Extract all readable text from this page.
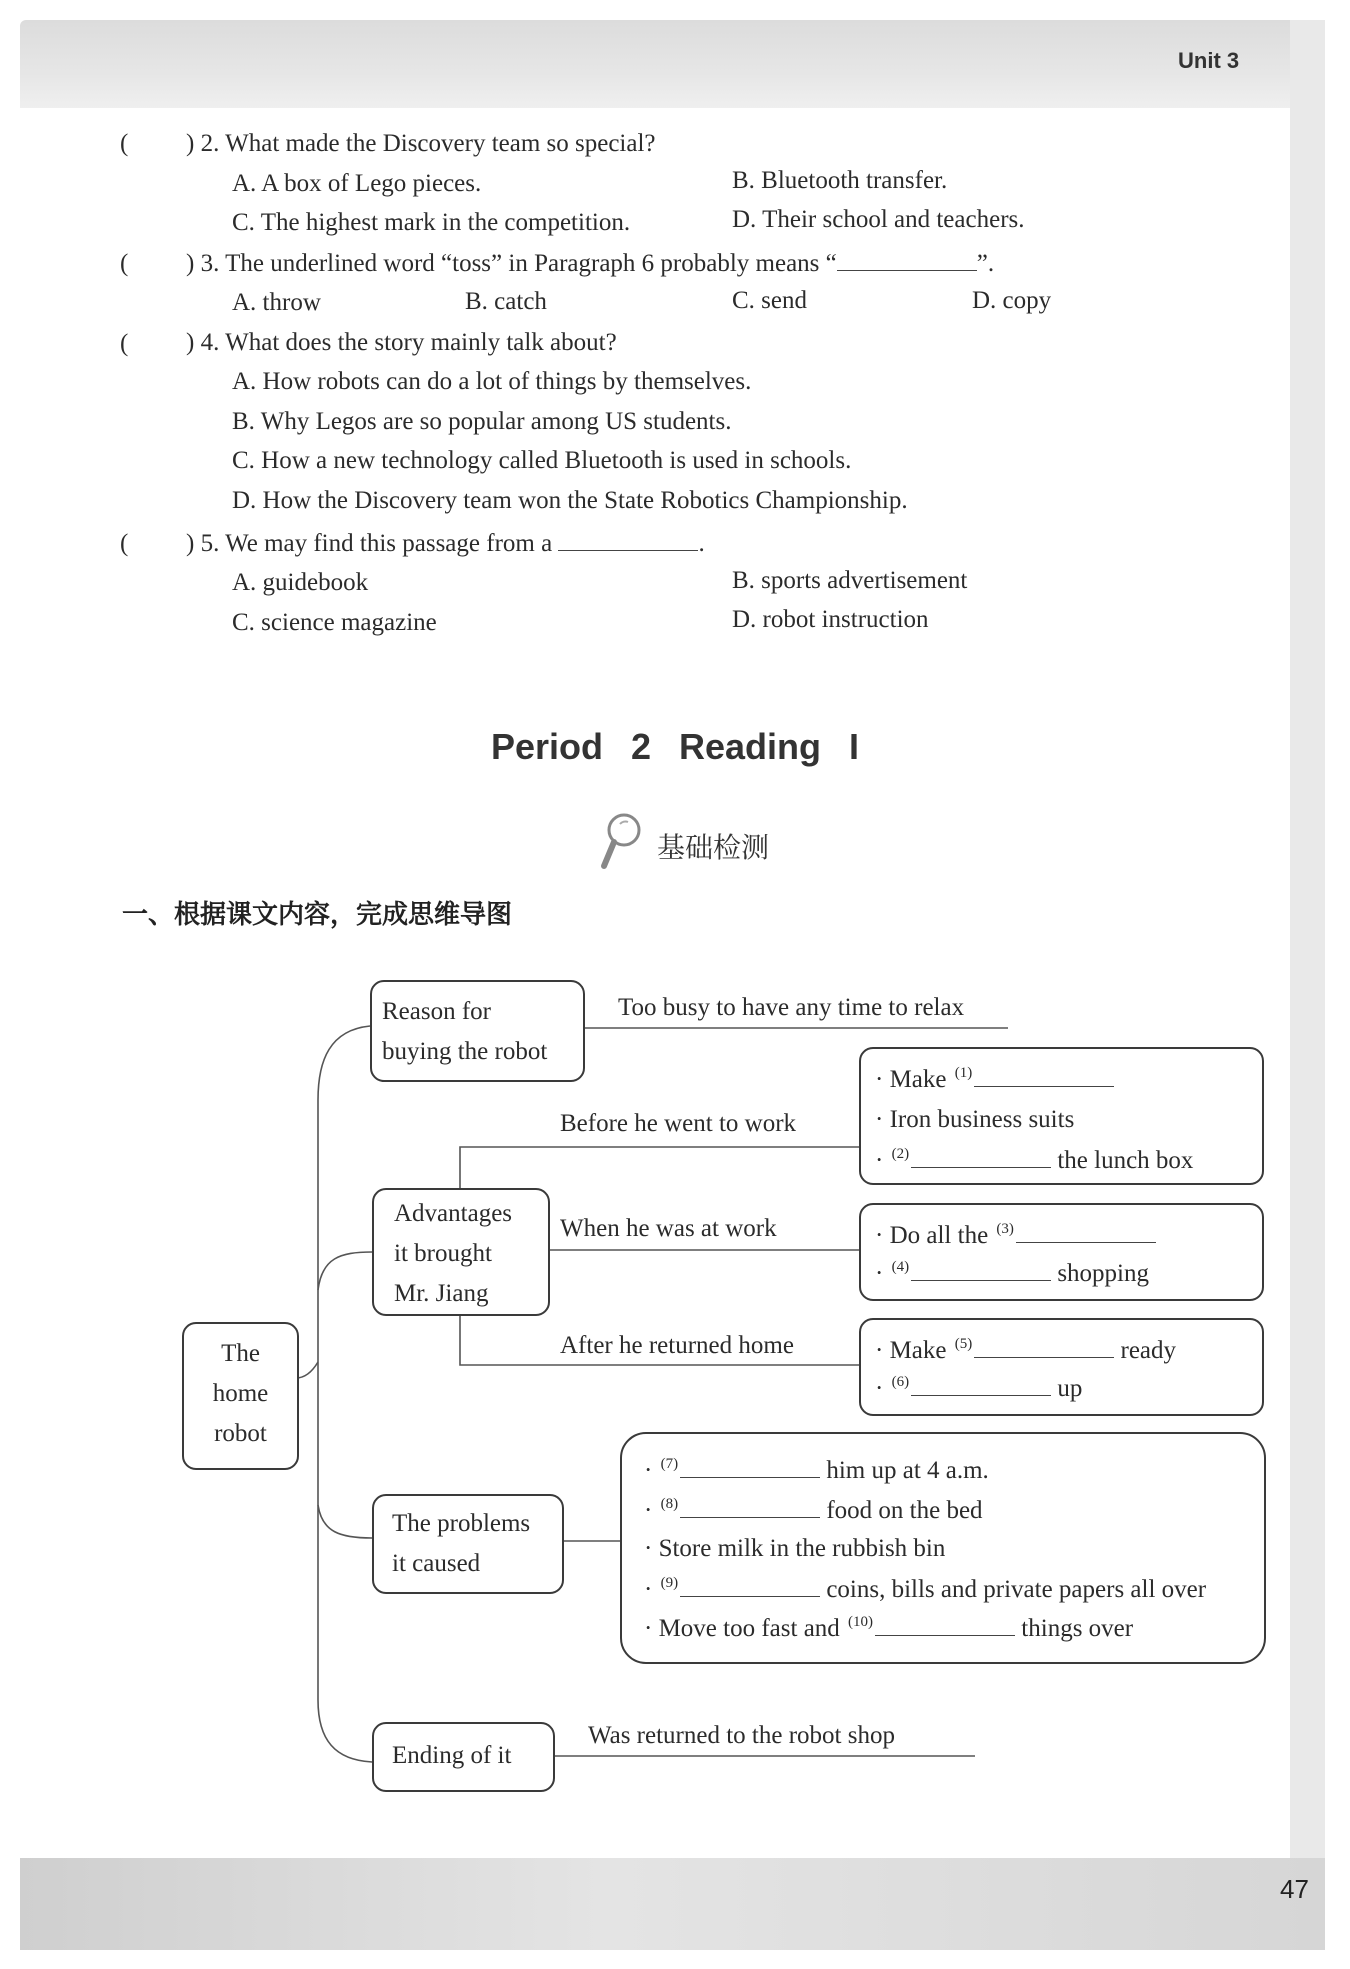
Unit 3
47
( ) 2. What made the Discovery team so special?
A. A box of Lego pieces.	B. Bluetooth transfer.
C. The highest mark in the competition.	D. Their school and teachers.
( ) 3. The underlined word “toss” in Paragraph 6 probably means “	”.
A. throw	B. catch	C. send	D. copy
( ) 4. What does the story mainly talk about?
A. How robots can do a lot of things by themselves.
B. Why Legos are so popular among US students.
C. How a new technology called Bluetooth is used in schools.
D. How the Discovery team won the State Robotics Championship.
( ) 5. We may find this passage from a	.
A. guidebook	B. sports advertisement
C. science magazine	D. robot instruction
Period 2 Reading I
基础检测
一、根据课文内容，完成思维导图
The
home
robot
Reason for
buying the robot
Too busy to have any time to relax
Advantages
it brought
Mr. Jiang
Before he went to work
When he was at work
After he returned home
· Make $^{(1)}$
· Iron business suits
· $^{(2)}$	the lunch box
· Do all the $^{(3)}$
· $^{(4)}$	shopping
· Make $^{(5)}$	ready
· $^{(6)}$	up
The problems
it caused
· $^{(7)}$	him up at 4 a.m.
· $^{(8)}$	food on the bed
· Store milk in the rubbish bin
· $^{(9)}$	coins, bills and private papers all over
· Move too fast and $^{(10)}$	things over
Ending of it
Was returned to the robot shop
